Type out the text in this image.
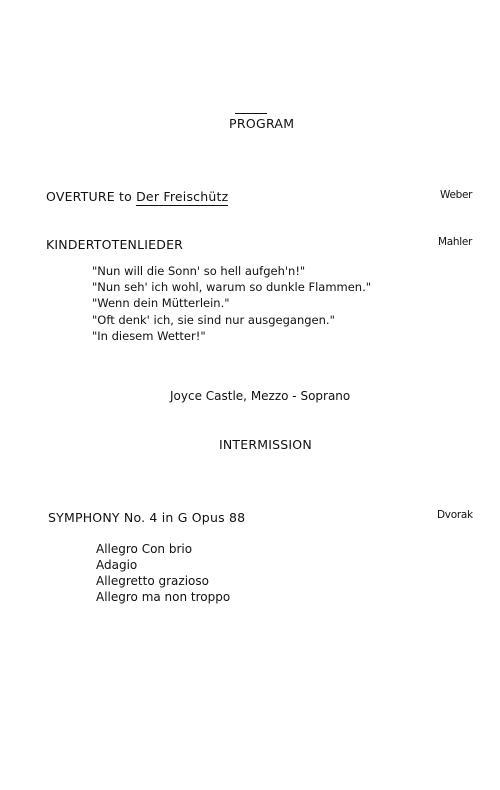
PROGRAM
OVERTURE to Der Freischütz	Weber
KINDERTOTENLIEDER	Mahler
"Nun will die Sonn' so hell aufgeh'n!"
"Nun seh' ich wohl, warum so dunkle Flammen."
"Wenn dein Mütterlein."
"Oft denk' ich, sie sind nur ausgegangen."
"In diesem Wetter!"
Joyce Castle, Mezzo - Soprano
INTERMISSION
SYMPHONY No. 4 in G Opus 88	Dvorak
Allegro Con brio
Adagio
Allegretto grazioso
Allegro ma non troppo
